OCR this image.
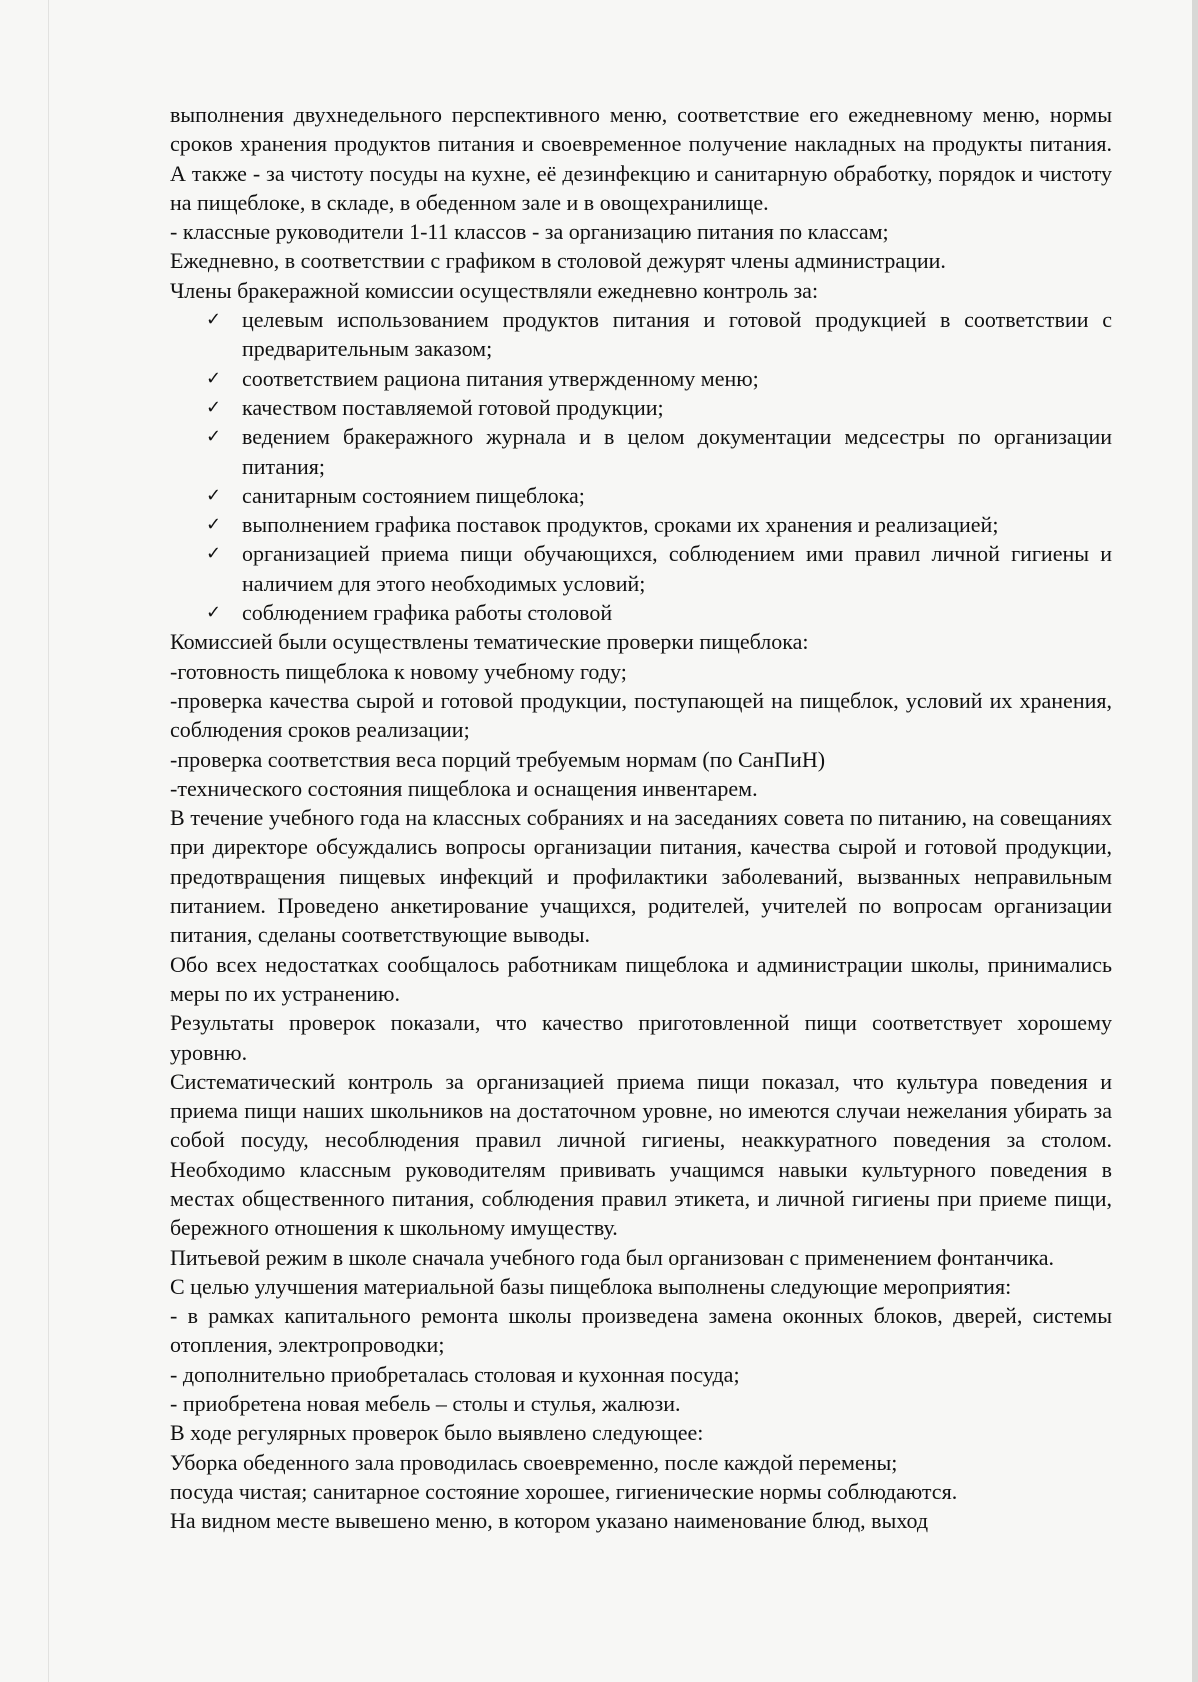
выполнения двухнедельного перспективного меню, соответствие его ежедневному меню, нормы сроков хранения продуктов питания и своевременное получение накладных на продукты питания. А также - за чистоту посуды на кухне, её дезинфекцию и санитарную обработку, порядок и чистоту на пищеблоке, в складе, в обеденном зале и в овощехранилище.

- классные руководители 1-11 классов - за организацию питания по классам;

Ежедневно, в соответствии с графиком в столовой дежурят члены администрации.

Члены бракеражной комиссии осуществляли ежедневно контроль за:

✓ целевым использованием продуктов питания и готовой продукцией в соответствии с предварительным заказом;
✓ соответствием рациона питания утвержденному меню;
✓ качеством поставляемой готовой продукции;
✓ ведением бракеражного журнала и в целом документации медсестры по организации питания;
✓ санитарным состоянием пищеблока;
✓ выполнением графика поставок продуктов, сроками их хранения и реализацией;
✓ организацией приема пищи обучающихся, соблюдением ими правил личной гигиены и наличием для этого необходимых условий;
✓ соблюдением графика работы столовой

Комиссией были осуществлены тематические проверки пищеблока:

-готовность пищеблока к новому учебному году;

-проверка качества сырой и готовой продукции, поступающей на пищеблок, условий их хранения, соблюдения сроков реализации;

-проверка соответствия веса порций требуемым нормам (по СанПиН)

-технического состояния пищеблока и оснащения инвентарем.

В течение учебного года на классных собраниях и на заседаниях совета по питанию, на совещаниях при директоре обсуждались вопросы организации питания, качества сырой и готовой продукции, предотвращения пищевых инфекций и профилактики заболеваний, вызванных неправильным питанием. Проведено анкетирование учащихся, родителей, учителей по вопросам организации питания, сделаны соответствующие выводы.

Обо всех недостатках сообщалось работникам пищеблока и администрации школы, принимались меры по их устранению.

Результаты проверок показали, что качество приготовленной пищи соответствует хорошему уровню.

Систематический контроль за организацией приема пищи показал, что культура поведения и приема пищи наших школьников на достаточном уровне, но имеются случаи нежелания убирать за собой посуду, несоблюдения правил личной гигиены, неаккуратного поведения за столом. Необходимо классным руководителям прививать учащимся навыки культурного поведения в местах общественного питания, соблюдения правил этикета, и личной гигиены при приеме пищи, бережного отношения к школьному имуществу.

Питьевой режим в школе сначала учебного года был организован с применением фонтанчика.

С целью улучшения материальной базы пищеблока выполнены следующие мероприятия:

- в рамках капитального ремонта школы произведена замена оконных блоков, дверей, системы отопления, электропроводки;

- дополнительно приобреталась столовая и кухонная посуда;

- приобретена новая мебель – столы и стулья, жалюзи.

В ходе регулярных проверок было выявлено следующее:

Уборка обеденного зала проводилась своевременно, после каждой перемены;

посуда чистая; санитарное состояние хорошее, гигиенические нормы соблюдаются.

На видном месте вывешено меню, в котором указано наименование блюд, выход
